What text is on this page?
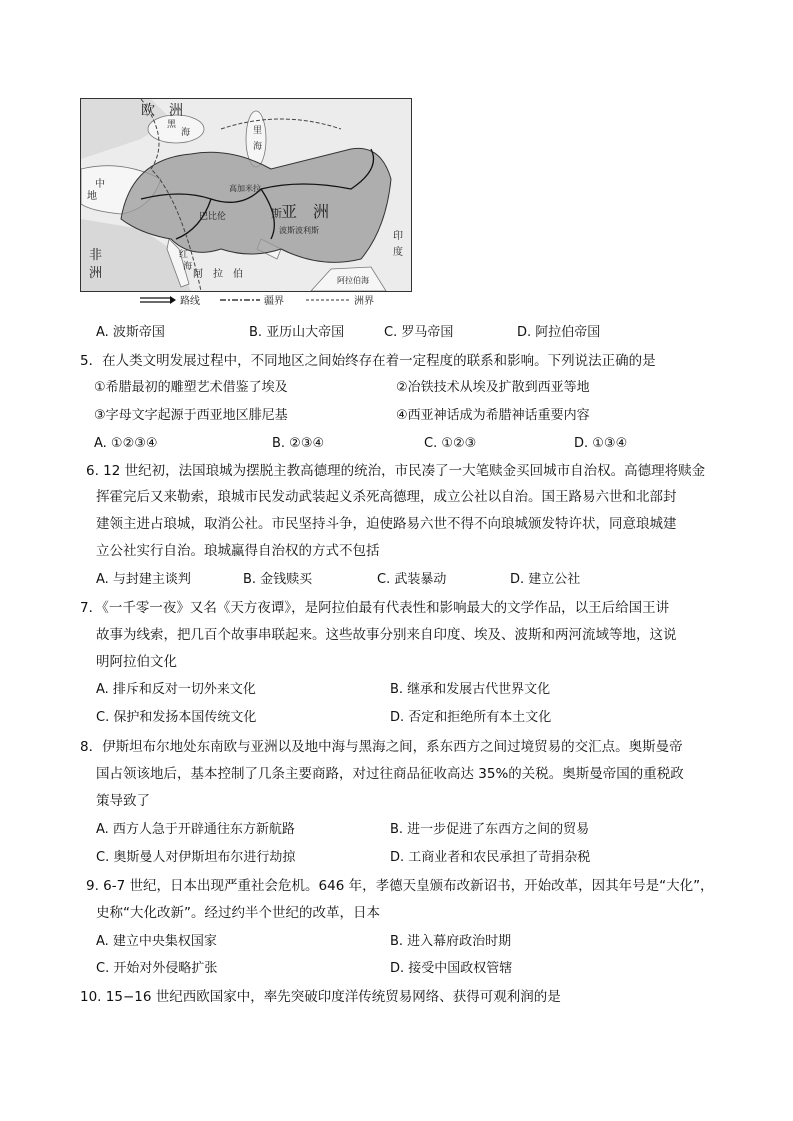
欧　洲
非
洲
亚　洲
黑
海	里
海
中
地
红
海
阿　拉　伯
斯
巴比伦
高加米拉
波斯波利斯
印
度
阿拉伯海
路线	疆界	洲界
A. 波斯帝国	B. 亚历山大帝国	C. 罗马帝国	D. 阿拉伯帝国
5．在人类文明发展过程中，不同地区之间始终存在着一定程度的联系和影响。下列说法正确的是
①希腊最初的雕塑艺术借鉴了埃及	②冶铁技术从埃及扩散到西亚等地
③字母文字起源于西亚地区腓尼基	④西亚神话成为希腊神话重要内容
A. ①②③④	B. ②③④	C. ①②③	D. ①③④
6. 12 世纪初，法国琅城为摆脱主教高德理的统治，市民凑了一大笔赎金买回城市自治权。高德理将赎金
挥霍完后又来勒索，琅城市民发动武装起义杀死高德理，成立公社以自治。国王路易六世和北部封
建领主进占琅城，取消公社。市民坚持斗争，迫使路易六世不得不向琅城颁发特许状，同意琅城建
立公社实行自治。琅城赢得自治权的方式不包括
A. 与封建主谈判	B. 金钱赎买	C. 武装暴动	D. 建立公社
7．《一千零一夜》又名《天方夜谭》，是阿拉伯最有代表性和影响最大的文学作品，以王后给国王讲
故事为线索，把几百个故事串联起来。这些故事分别来自印度、埃及、波斯和两河流域等地，这说
明阿拉伯文化
A. 排斥和反对一切外来文化	B. 继承和发展古代世界文化
C. 保护和发扬本国传统文化	D. 否定和拒绝所有本土文化
8．伊斯坦布尔地处东南欧与亚洲以及地中海与黑海之间，系东西方之间过境贸易的交汇点。奥斯曼帝
国占领该地后，基本控制了几条主要商路，对过往商品征收高达 35%的关税。奥斯曼帝国的重税政
策导致了
A. 西方人急于开辟通往东方新航路	B. 进一步促进了东西方之间的贸易
C. 奥斯曼人对伊斯坦布尔进行劫掠	D. 工商业者和农民承担了苛捐杂税
9. 6-7 世纪，日本出现严重社会危机。646 年，孝德天皇颁布改新诏书，开始改革，因其年号是“大化”，
史称“大化改新”。经过约半个世纪的改革，日本
A. 建立中央集权国家	B. 进入幕府政治时期
C. 开始对外侵略扩张	D. 接受中国政权管辖
10. 15−16 世纪西欧国家中，率先突破印度洋传统贸易网络、获得可观利润的是
